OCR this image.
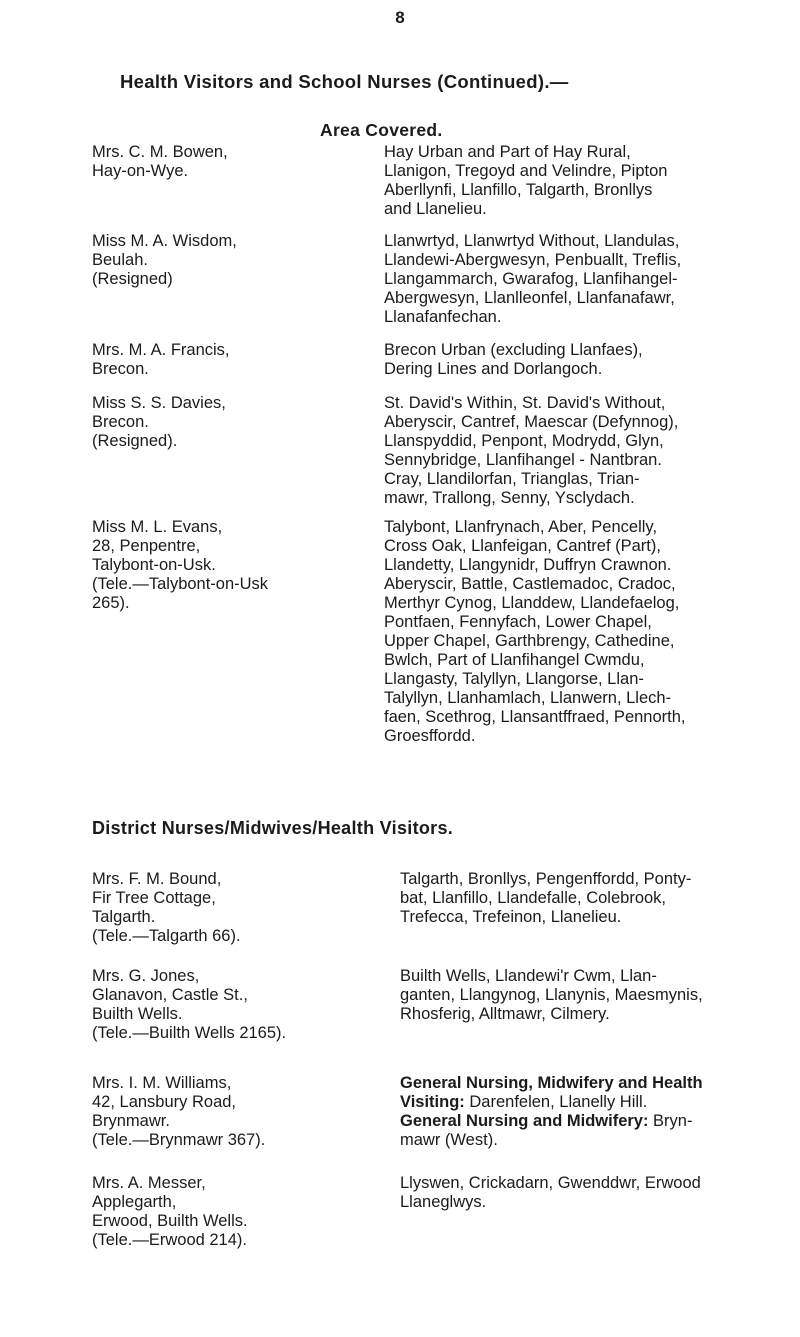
8
Health Visitors and School Nurses (Continued).—
Area Covered.
Mrs. C. M. Bowen,
Hay-on-Wye.
Hay Urban and Part of Hay Rural,
Llanigon, Tregoyd and Velindre, Pipton
Aberllynfi, Llanfillo, Talgarth, Bronllys
and Llanelieu.
Miss M. A. Wisdom,
Beulah.
(Resigned)
Llanwrtyd, Llanwrtyd Without, Llandulas,
Llandewi-Abergwesyn, Penbuallt, Treflis,
Llangammarch, Gwarafog, Llanfihangel-
Abergwesyn, Llanlleonfel, Llanfanafawr,
Llanafanfechan.
Mrs. M. A. Francis,
Brecon.
Brecon Urban (excluding Llanfaes),
Dering Lines and Dorlangoch.
Miss S. S. Davies,
Brecon.
(Resigned).
St. David's Within, St. David's Without,
Aberyscir, Cantref, Maescar (Defynnog),
Llanspyddid, Penpont, Modrydd, Glyn,
Sennybridge, Llanfihangel - Nantbran.
Cray, Llandilorfan, Trianglas, Trian-
mawr, Trallong, Senny, Ysclydach.
Miss M. L. Evans,
28, Penpentre,
Talybont-on-Usk.
(Tele.—Talybont-on-Usk
265).
Talybont, Llanfrynach, Aber, Pencelly,
Cross Oak, Llanfeigan, Cantref (Part),
Llandetty, Llangynidr, Duffryn Crawnon.
Aberyscir, Battle, Castlemadoc, Cradoc,
Merthyr Cynog, Llanddew, Llandefaelog,
Pontfaen, Fennyfach, Lower Chapel,
Upper Chapel, Garthbrengy, Cathedine,
Bwlch, Part of Llanfihangel Cwmdu,
Llangasty, Talyllyn, Llangorse, Llan-
Talyllyn, Llanhamlach, Llanwern, Llech-
faen, Scethrog, Llansantffraed, Pennorth,
Groesffordd.
District Nurses/Midwives/Health Visitors.
Mrs. F. M. Bound,
Fir Tree Cottage,
Talgarth.
(Tele.—Talgarth 66).
Talgarth, Bronllys, Pengenffordd, Ponty-
bat, Llanfillo, Llandefalle, Colebrook,
Trefecca, Trefeinon, Llanelieu.
Mrs. G. Jones,
Glanavon, Castle St.,
Builth Wells.
(Tele.—Builth Wells 2165).
Builth Wells, Llandewi'r Cwm, Llan-
ganten, Llangynog, Llanynis, Maesmynis,
Rhosferig, Alltmawr, Cilmery.
Mrs. I. M. Williams,
42, Lansbury Road,
Brynmawr.
(Tele.—Brynmawr 367).
General Nursing, Midwifery and Health
Visiting: Darenfelen, Llanelly Hill.
General Nursing and Midwifery: Bryn-
mawr (West).
Mrs. A. Messer,
Applegarth,
Erwood, Builth Wells.
(Tele.—Erwood 214).
Llyswen, Crickadarn, Gwenddwr, Erwood
Llaneglwys.
